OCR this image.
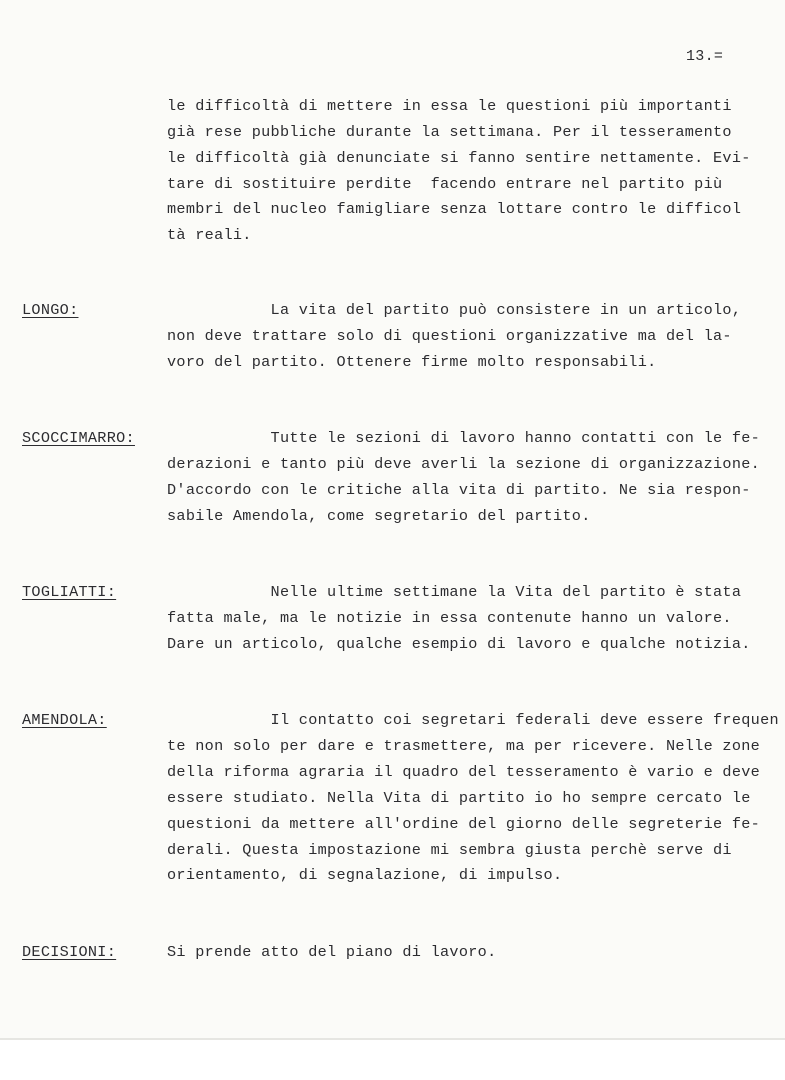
13.=
le difficoltà di mettere in essa le questioni più importanti
già rese pubbliche durante la settimana. Per il tesseramento
le difficoltà già denunciate si fanno sentire nettamente. Evi-
tare di sostituire perdite  facendo entrare nel partito più
membri del nucleo famigliare senza lottare contro le difficol
tà reali.
LONGO:	La vita del partito può consistere in un articolo,
non deve trattare solo di questioni organizzative ma del la-
voro del partito. Ottenere firme molto responsabili.
SCOCCIMARRO: Tutte le sezioni di lavoro hanno contatti con le fe-
derazioni e tanto più deve averli la sezione di organizzazione.
D'accordo con le critiche alla vita di partito. Ne sia respon-
sabile Amendola, come segretario del partito.
TOGLIATTI:	Nelle ultime settimane la Vita del partito è stata
fatta male, ma le notizie in essa contenute hanno un valore.
Dare un articolo, qualche esempio di lavoro e qualche notizia.
AMENDOLA:	Il contatto coi segretari federali deve essere frequen
te non solo per dare e trasmettere, ma per ricevere. Nelle zone
della riforma agraria il quadro del tesseramento è vario e deve
essere studiato. Nella Vita di partito io ho sempre cercato le
questioni da mettere all'ordine del giorno delle segreterie fe-
derali. Questa impostazione mi sembra giusta perchè serve di
orientamento, di segnalazione, di impulso.
DECISIONI:	Si prende atto del piano di lavoro.
